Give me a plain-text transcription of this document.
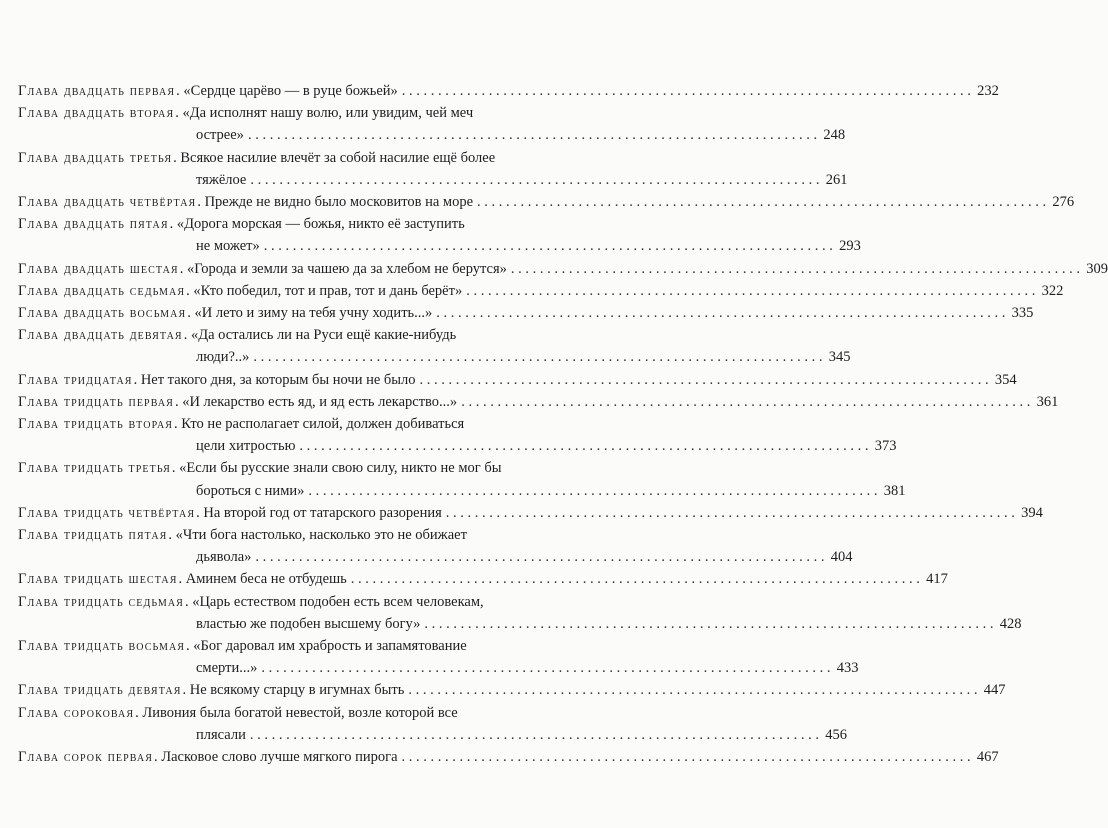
Глава двадцать первая . «Сердце царёво — в руце божьей» . . .	232
Глава двадцать вторая . «Да исполнят нашу волю, или увидим, чей меч
острее» . . .	248
Глава двадцать третья . Всякое насилие влечёт за собой насилие ещё более
тяжёлое . . .	261
Глава двадцать четвёртая . Прежде не видно было московитов на море . . .	276
Глава двадцать пятая . «Дорога морская — божья, никто её заступить
не может» . . .	293
Глава двадцать шестая . «Города и земли за чашею да за хлебом не берутся» . . .	309
Глава двадцать седьмая . «Кто победил, тот и прав, тот и дань берёт» . . .	322
Глава двадцать восьмая . «И лето и зиму на тебя учну ходить...» . . .	335
Глава двадцать девятая . «Да остались ли на Руси ещё какие-нибудь
люди?..» . . .	345
Глава тридцатая . Нет такого дня, за которым бы ночи не было . . .	354
Глава тридцать первая . «И лекарство есть яд, и яд есть лекарство...» . . .	361
Глава тридцать вторая . Кто не располагает силой, должен добиваться
цели хитростью . . .	373
Глава тридцать третья . «Если бы русские знали свою силу, никто не мог бы
бороться с ними» . . .	381
Глава тридцать четвёртая . На второй год от татарского разорения . . .	394
Глава тридцать пятая . «Чти бога настолько, насколько это не обижает
дьявола» . . .	404
Глава тридцать шестая . Аминем беса не отбудешь . . .	417
Глава тридцать седьмая . «Царь естеством подобен есть всем человекам,
властью же подобен высшему богу» . . .	428
Глава тридцать восьмая . «Бог даровал им храбрость и запамятование
смерти...» . . .	433
Глава тридцать девятая . Не всякому старцу в игумнах быть . . .	447
Глава сороковая . Ливония была богатой невестой, возле которой все
плясали . . .	456
Глава сорок первая . Ласковое слово лучше мягкого пирога . . .	467
